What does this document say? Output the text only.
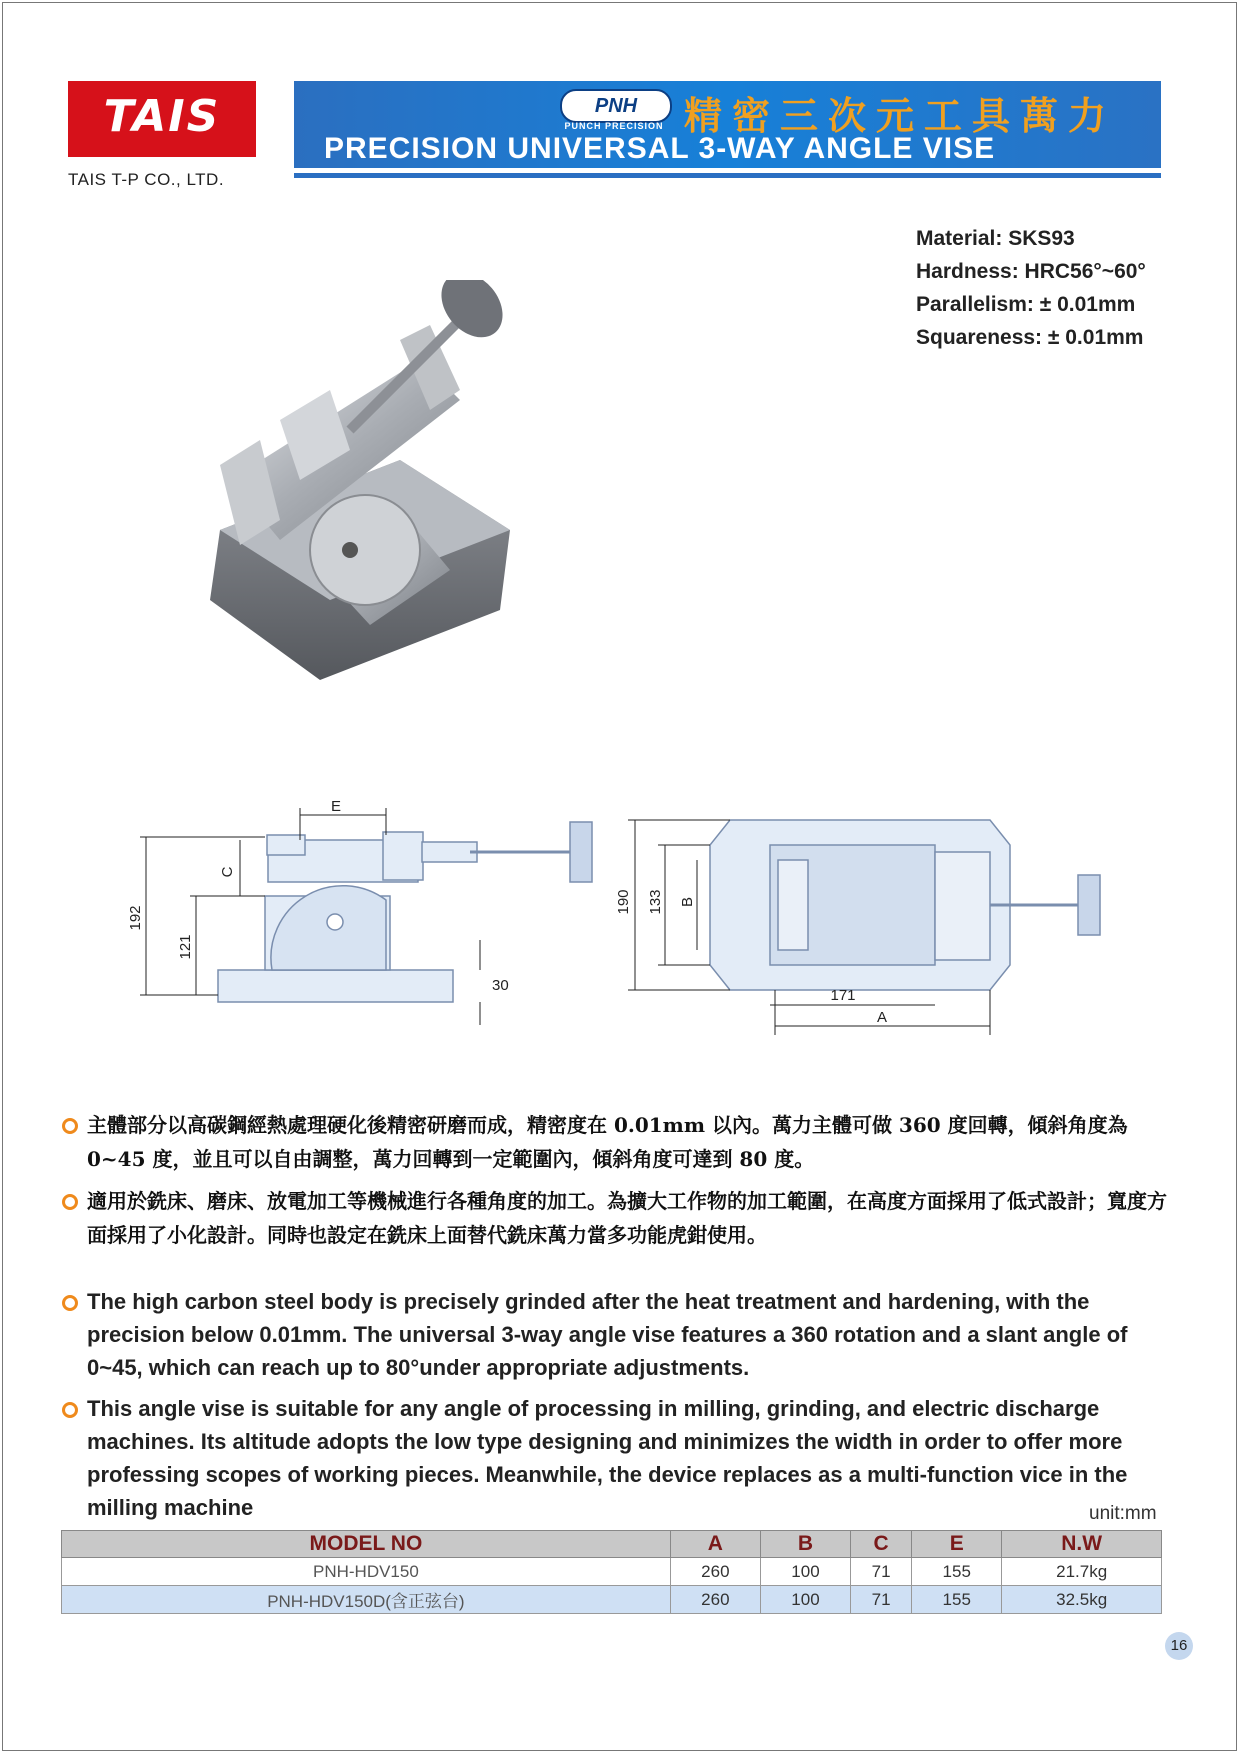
TAIS
TAIS T-P CO., LTD.
PNH
PUNCH PRECISION 精密三次元工具萬力
PRECISION UNIVERSAL 3-WAY ANGLE VISE
Material: SKS93
Hardness: HRC56°~60°
Parallelism: ± 0.01mm
Squareness: ± 0.01mm
E
C
192
121
30
190 133 B
171
A
主體部分以高碳鋼經熱處理硬化後精密研磨而成，精密度在 0.01mm 以內。萬力主體可做 360 度回轉，傾斜角度為 0~45 度，並且可以自由調整，萬力回轉到一定範圍內，傾斜角度可達到 80 度。
適用於銑床、磨床、放電加工等機械進行各種角度的加工。為擴大工作物的加工範圍，在高度方面採用了低式設計；寬度方面採用了小化設計。同時也設定在銑床上面替代銑床萬力當多功能虎鉗使用。
The high carbon steel body is precisely grinded after the heat treatment and hardening, with the precision below 0.01mm. The universal 3-way angle vise features a 360 rotation and a slant angle of 0~45, which can reach up to 80°under appropriate adjustments.
This angle vise is suitable for any angle of processing in milling, grinding, and electric discharge machines. Its altitude adopts the low type designing and minimizes the width in order to offer more professing scopes of working pieces. Meanwhile, the device replaces as a multi-function vice in the milling machine	unit:mm
MODEL NO	A	B	C	E	N.W
PNH-HDV150	260	100	71	155	21.7kg
PNH-HDV150D(含正弦台)	260	100	71	155	32.5kg
16
